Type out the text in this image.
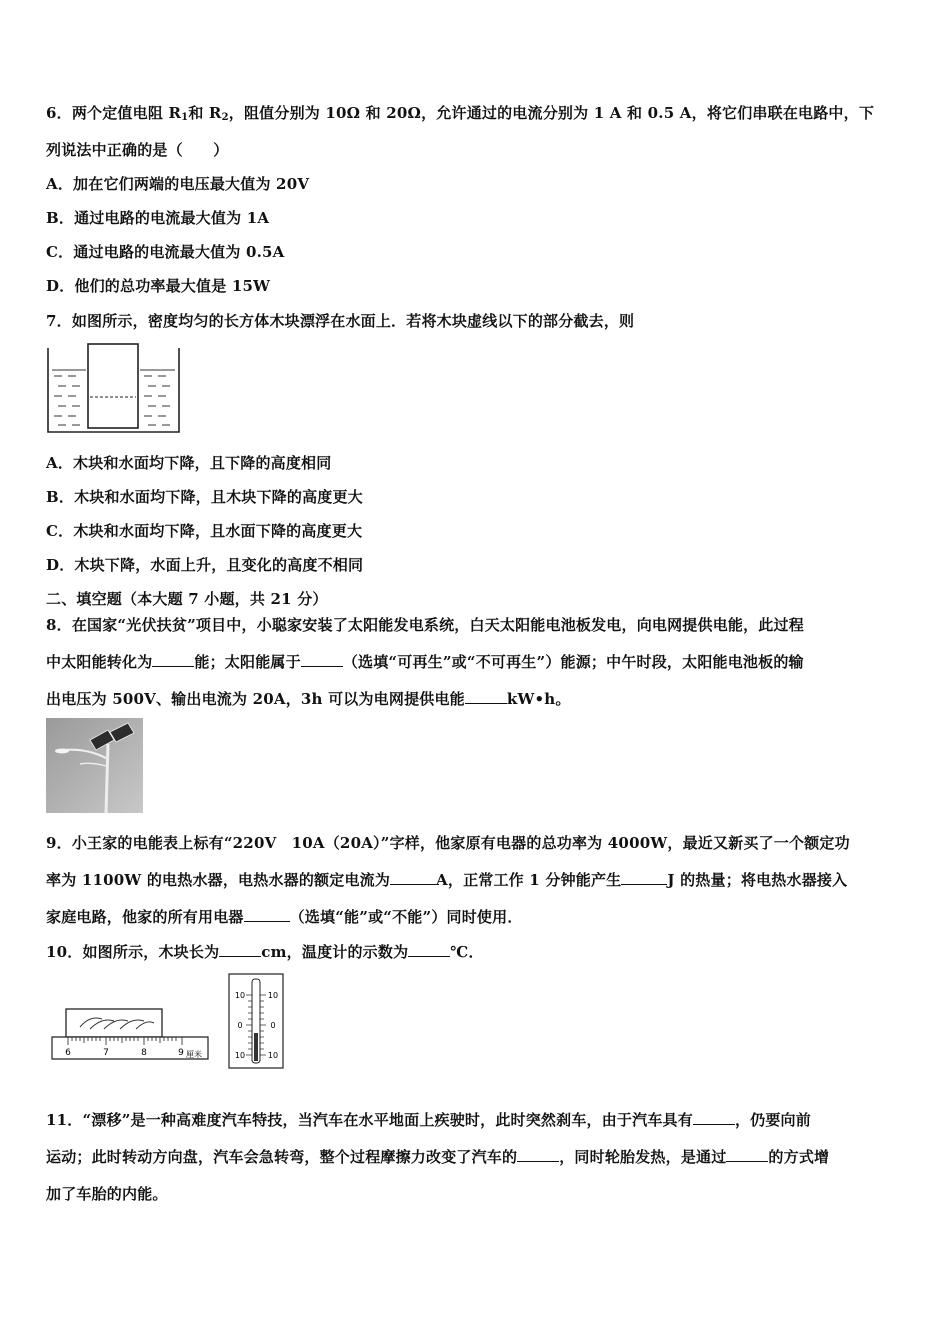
6．两个定值电阻 $R_1$和 $R_2$，阻值分别为 10Ω 和 20Ω，允许通过的电流分别为 1 A 和 0.5 A，将它们串联在电路中，下
列说法中正确的是（　　）
A．加在它们两端的电压最大值为 20V
B．通过电路的电流最大值为 1A
C．通过电路的电流最大值为 0.5A
D．他们的总功率最大值是 15W
7．如图所示，密度均匀的长方体木块漂浮在水面上．若将木块虚线以下的部分截去，则
A．木块和水面均下降，且下降的高度相同
B．木块和水面均下降，且木块下降的高度更大
C．木块和水面均下降，且水面下降的高度更大
D．木块下降，水面上升，且变化的高度不相同
二、填空题（本大题 7 小题，共 21 分）
8．在国家“光伏扶贫”项目中，小聪家安装了太阳能发电系统，白天太阳能电池板发电，向电网提供电能，此过程
中太阳能转化为	能；太阳能属于	（选填“可再生”或“不可再生”）能源；中午时段，太阳能电池板的输
出电压为 500V、输出电流为 20A，3h 可以为电网提供电能	kW•h。
9．小王家的电能表上标有“220V　10A（20A）”字样，他家原有电器的总功率为 4000W，最近又新买了一个额定功
率为 1100W 的电热水器，电热水器的额定电流为	A，正常工作 1 分钟能产生	J 的热量；将电热水器接入
家庭电路，他家的所有用电器	（选填“能”或“不能”）同时使用．
10．如图所示，木块长为	cm，温度计的示数为	℃．
6	7	8	9 厘米
10
0
10
10
0
10
11．“漂移”是一种高难度汽车特技，当汽车在水平地面上疾驶时，此时突然刹车，由于汽车具有	，仍要向前
运动；此时转动方向盘，汽车会急转弯，整个过程摩擦力改变了汽车的	，同时轮胎发热，是通过	的方式增
加了车胎的内能。
